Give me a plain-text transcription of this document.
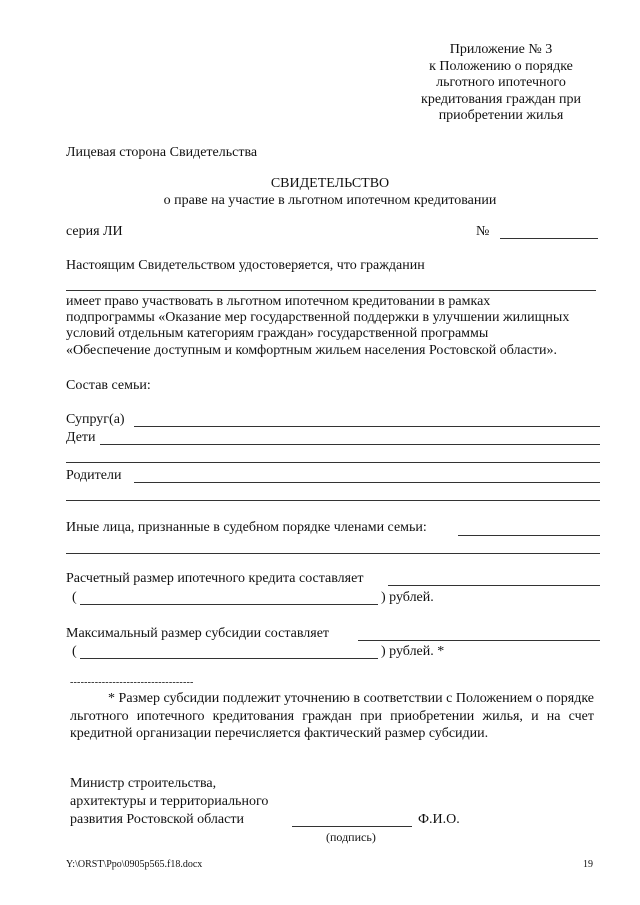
Приложение № 3
к Положению о порядке
льготного ипотечного
кредитования граждан при
приобретении жилья
Лицевая сторона Свидетельства
СВИДЕТЕЛЬСТВО
о праве на участие в льготном ипотечном кредитовании
серия ЛИ	№
Настоящим Свидетельством удостоверяется, что гражданин
имеет право участвовать в льготном ипотечном кредитовании в рамках
подпрограммы «Оказание мер государственной поддержки в улучшении жилищных
условий отдельным категориям граждан» государственной программы
«Обеспечение доступным и комфортным жильем населения Ростовской области».
Состав семьи:
Супруг(а)
Дети
Родители
Иные лица, признанные в судебном порядке членами семьи:
Расчетный размер ипотечного кредита составляет
(	) рублей.
Максимальный размер субсидии составляет
(	) рублей. *
-----------------------------------
* Размер субсидии подлежит уточнению в соответствии с Положением о порядке льготного ипотечного кредитования граждан при приобретении жилья, и на счет кредитной организации перечисляется фактический размер субсидии.
Министр строительства,
архитектуры и территориального
развития Ростовской области	Ф.И.О.
(подпись)
Y:\ORST\Ppo\0905p565.f18.docx	19
